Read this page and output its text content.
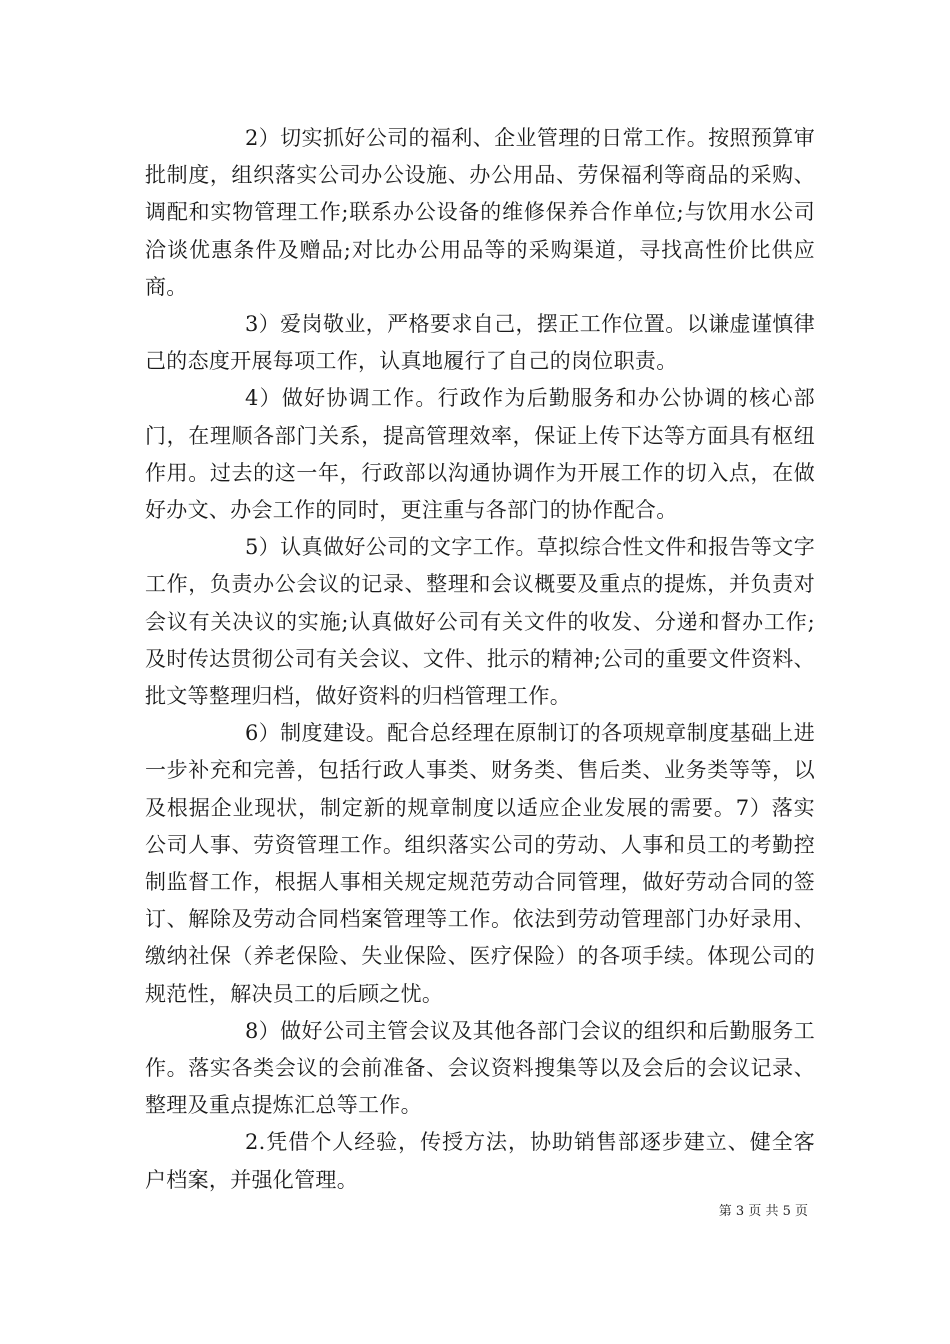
2）切实抓好公司的福利、企业管理的日常工作。按照预算审批制度，组织落实公司办公设施、办公用品、劳保福利等商品的采购、调配和实物管理工作;联系办公设备的维修保养合作单位;与饮用水公司洽谈优惠条件及赠品;对比办公用品等的采购渠道，寻找高性价比供应商。

3）爱岗敬业，严格要求自己，摆正工作位置。以谦虚谨慎律己的态度开展每项工作，认真地履行了自己的岗位职责。

4）做好协调工作。行政作为后勤服务和办公协调的核心部门，在理顺各部门关系，提高管理效率，保证上传下达等方面具有枢纽作用。过去的这一年，行政部以沟通协调作为开展工作的切入点，在做好办文、办会工作的同时，更注重与各部门的协作配合。

5）认真做好公司的文字工作。草拟综合性文件和报告等文字工作，负责办公会议的记录、整理和会议概要及重点的提炼，并负责对会议有关决议的实施;认真做好公司有关文件的收发、分递和督办工作;及时传达贯彻公司有关会议、文件、批示的精神;公司的重要文件资料、批文等整理归档，做好资料的归档管理工作。

6）制度建设。配合总经理在原制订的各项规章制度基础上进一步补充和完善，包括行政人事类、财务类、售后类、业务类等等，以及根据企业现状，制定新的规章制度以适应企业发展的需要。7）落实公司人事、劳资管理工作。组织落实公司的劳动、人事和员工的考勤控制监督工作，根据人事相关规定规范劳动合同管理，做好劳动合同的签订、解除及劳动合同档案管理等工作。依法到劳动管理部门办好录用、缴纳社保（养老保险、失业保险、医疗保险）的各项手续。体现公司的规范性，解决员工的后顾之忧。

8）做好公司主管会议及其他各部门会议的组织和后勤服务工作。落实各类会议的会前准备、会议资料搜集等以及会后的会议记录、整理及重点提炼汇总等工作。

2.凭借个人经验，传授方法，协助销售部逐步建立、健全客户档案，并强化管理。

第 3 页 共 5 页
